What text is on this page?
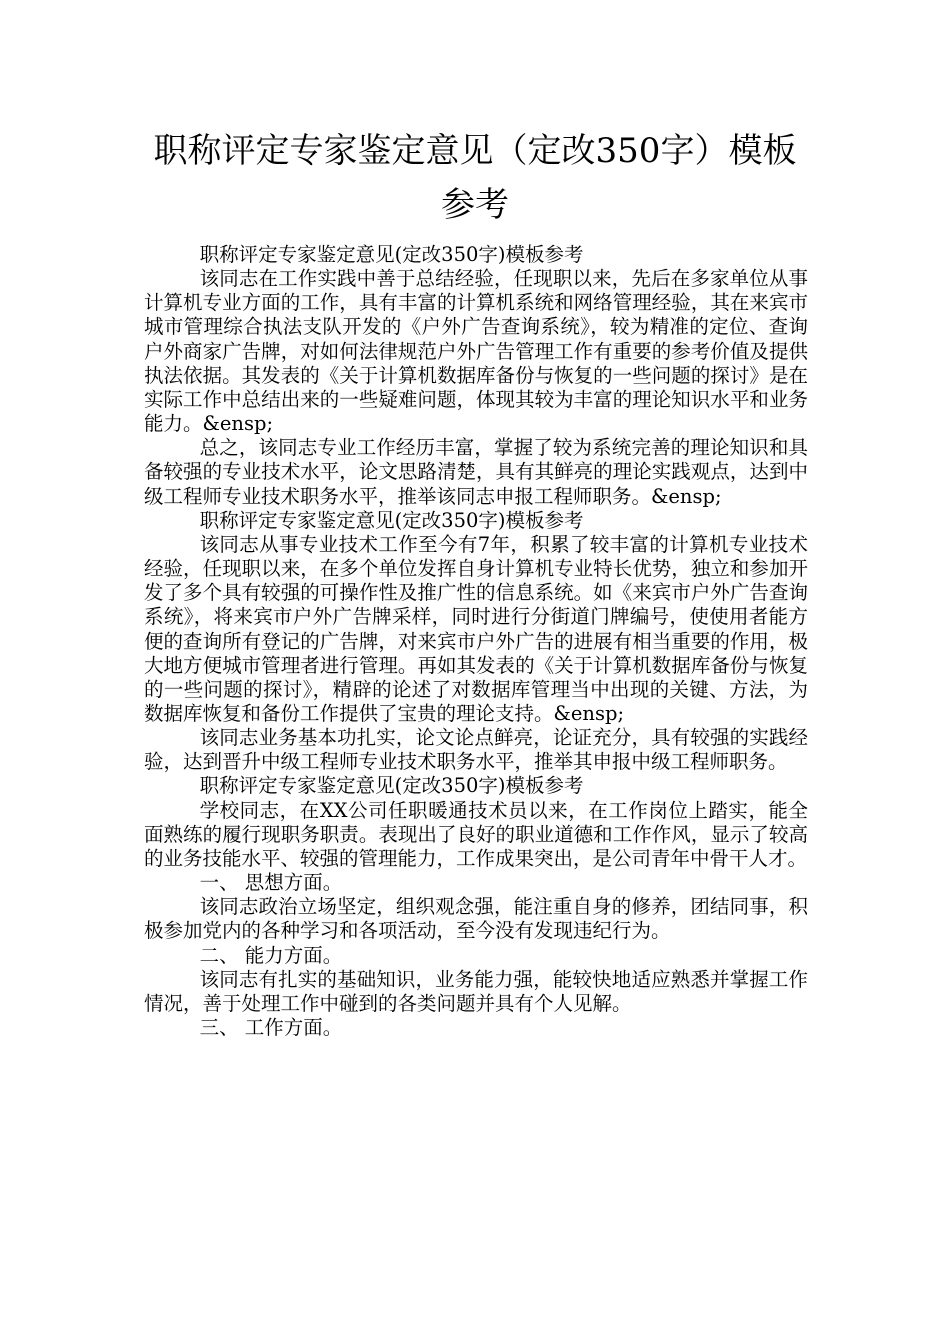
职称评定专家鉴定意见（定改350字）模板参考

职称评定专家鉴定意见(定改350字)模板参考

该同志在工作实践中善于总结经验，任现职以来，先后在多家单位从事计算机专业方面的工作，具有丰富的计算机系统和网络管理经验，其在来宾市城市管理综合执法支队开发的《户外广告查询系统》，较为精准的定位、查询户外商家广告牌，对如何法律规范户外广告管理工作有重要的参考价值及提供执法依据。其发表的《关于计算机数据库备份与恢复的一些问题的探讨》是在实际工作中总结出来的一些疑难问题，体现其较为丰富的理论知识水平和业务能力。&ensp;

总之，该同志专业工作经历丰富，掌握了较为系统完善的理论知识和具备较强的专业技术水平，论文思路清楚，具有其鲜亮的理论实践观点，达到中级工程师专业技术职务水平，推举该同志申报工程师职务。&ensp;

职称评定专家鉴定意见(定改350字)模板参考

该同志从事专业技术工作至今有7年，积累了较丰富的计算机专业技术经验，任现职以来，在多个单位发挥自身计算机专业特长优势，独立和参加开发了多个具有较强的可操作性及推广性的信息系统。如《来宾市户外广告查询系统》，将来宾市户外广告牌采样，同时进行分街道门牌编号，使使用者能方便的查询所有登记的广告牌，对来宾市户外广告的进展有相当重要的作用，极大地方便城市管理者进行管理。再如其发表的《关于计算机数据库备份与恢复的一些问题的探讨》，精辟的论述了对数据库管理当中出现的关键、方法，为数据库恢复和备份工作提供了宝贵的理论支持。&ensp;

该同志业务基本功扎实，论文论点鲜亮，论证充分，具有较强的实践经验，达到晋升中级工程师专业技术职务水平，推举其申报中级工程师职务。

职称评定专家鉴定意见(定改350字)模板参考

学校同志，在XX公司任职暖通技术员以来，在工作岗位上踏实，能全面熟练的履行现职务职责。表现出了良好的职业道德和工作作风，显示了较高的业务技能水平、较强的管理能力，工作成果突出，是公司青年中骨干人才。

一、 思想方面。

该同志政治立场坚定，组织观念强，能注重自身的修养，团结同事，积极参加党内的各种学习和各项活动，至今没有发现违纪行为。

二、 能力方面。

该同志有扎实的基础知识，业务能力强，能较快地适应熟悉并掌握工作情况，善于处理工作中碰到的各类问题并具有个人见解。

三、 工作方面。
